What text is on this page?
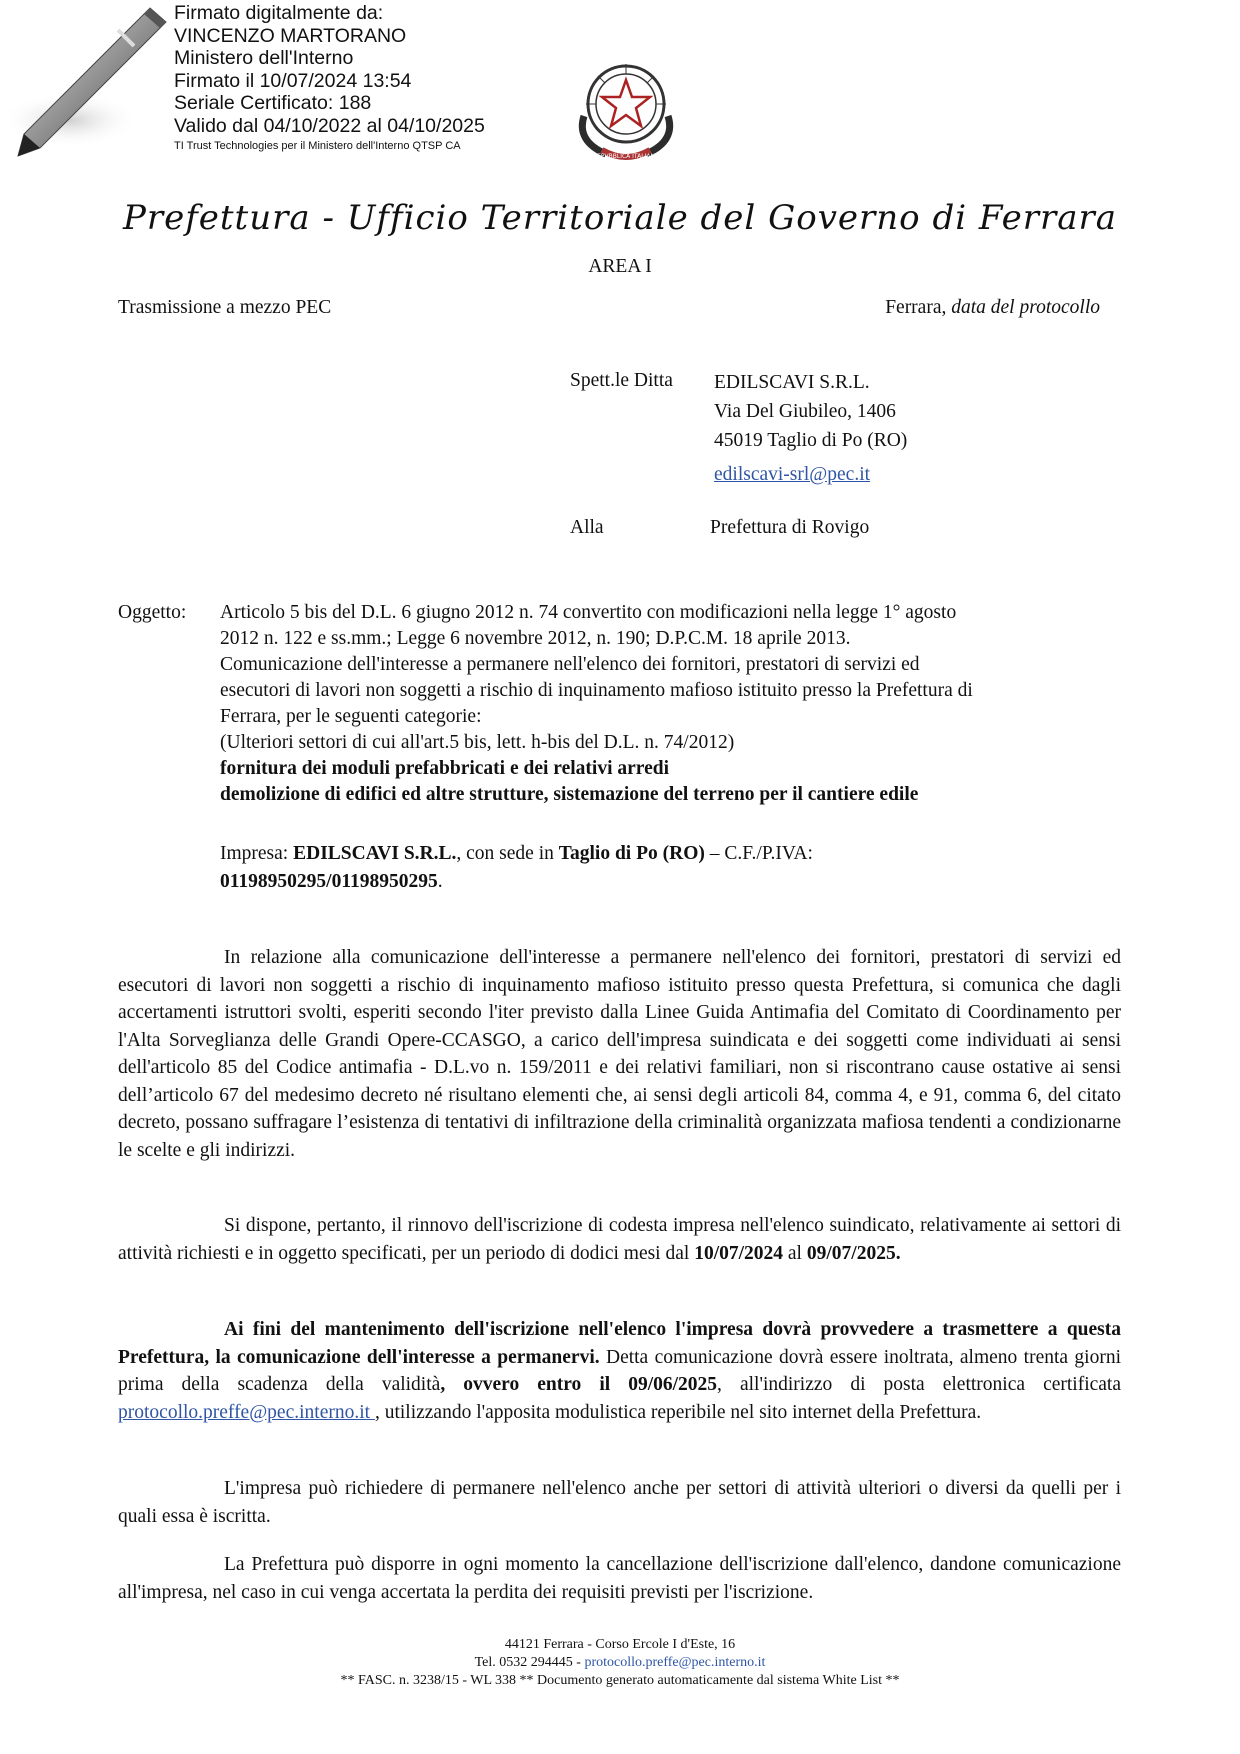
Firmato digitalmente da:
VINCENZO MARTORANO
Ministero dell'Interno
Firmato il 10/07/2024 13:54
Seriale Certificato: 188
Valido dal 04/10/2022 al 04/10/2025
TI Trust Technologies per il Ministero dell'Interno QTSP CA
REPVBBLICA ITALIANA
Prefettura - Ufficio Territoriale del Governo di Ferrara
AREA I
Trasmissione a mezzo PEC	Ferrara, data del protocollo
Spett.le Ditta EDILSCAVI S.R.L.
Via Del Giubileo, 1406
45019 Taglio di Po (RO)
edilscavi-srl@pec.it
Alla	Prefettura di Rovigo
Oggetto: Articolo 5 bis del D.L. 6 giugno 2012 n. 74 convertito con modificazioni nella legge 1° agosto
2012 n. 122 e ss.mm.; Legge 6 novembre 2012, n. 190; D.P.C.M. 18 aprile 2013.
Comunicazione dell'interesse a permanere nell'elenco dei fornitori, prestatori di servizi ed
esecutori di lavori non soggetti a rischio di inquinamento mafioso istituito presso la Prefettura di
Ferrara, per le seguenti categorie:
(Ulteriori settori di cui all'art.5 bis, lett. h-bis del D.L. n. 74/2012)
fornitura dei moduli prefabbricati e dei relativi arredi
demolizione di edifici ed altre strutture, sistemazione del terreno per il cantiere edile
Impresa: EDILSCAVI S.R.L., con sede in Taglio di Po (RO) – C.F./P.IVA:
01198950295/01198950295.
In relazione alla comunicazione dell'interesse a permanere nell'elenco dei fornitori, prestatori di servizi ed esecutori di lavori non soggetti a rischio di inquinamento mafioso istituito presso questa Prefettura, si comunica che dagli accertamenti istruttori svolti, esperiti secondo l'iter previsto dalla Linee Guida Antimafia del Comitato di Coordinamento per l'Alta Sorveglianza delle Grandi Opere-CCASGO, a carico dell'impresa suindicata e dei soggetti come individuati ai sensi dell'articolo 85 del Codice antimafia - D.L.vo n. 159/2011 e dei relativi familiari, non si riscontrano cause ostative ai sensi dell’articolo 67 del medesimo decreto né risultano elementi che, ai sensi degli articoli 84, comma 4, e 91, comma 6, del citato decreto, possano suffragare l’esistenza di tentativi di infiltrazione della criminalità organizzata mafiosa tendenti a condizionarne le scelte e gli indirizzi.
Si dispone, pertanto, il rinnovo dell'iscrizione di codesta impresa nell'elenco suindicato, relativamente ai settori di attività richiesti e in oggetto specificati, per un periodo di dodici mesi dal 10/07/2024 al 09/07/2025.
Ai fini del mantenimento dell'iscrizione nell'elenco l'impresa dovrà provvedere a trasmettere a questa Prefettura, la comunicazione dell'interesse a permanervi. Detta comunicazione dovrà essere inoltrata, almeno trenta giorni prima della scadenza della validità, ovvero entro il 09/06/2025, all'indirizzo di posta elettronica certificata protocollo.preffe@pec.interno.it , utilizzando l'apposita modulistica reperibile nel sito internet della Prefettura.
L'impresa può richiedere di permanere nell'elenco anche per settori di attività ulteriori o diversi da quelli per i quali essa è iscritta.
La Prefettura può disporre in ogni momento la cancellazione dell'iscrizione dall'elenco, dandone comunicazione all'impresa, nel caso in cui venga accertata la perdita dei requisiti previsti per l'iscrizione.
44121 Ferrara - Corso Ercole I d'Este, 16
Tel. 0532 294445 - protocollo.preffe@pec.interno.it
** FASC. n. 3238/15 - WL 338 ** Documento generato automaticamente dal sistema White List **
